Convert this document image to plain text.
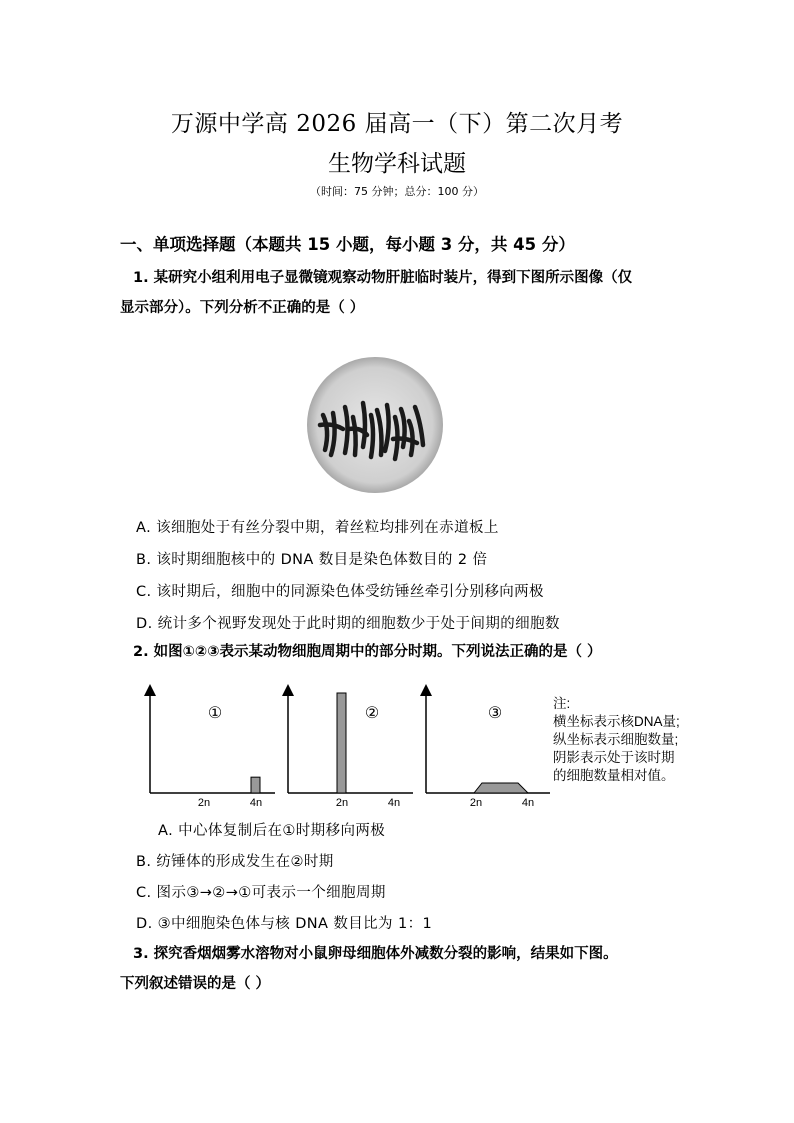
万源中学高 2026 届高一（下）第二次月考
生物学科试题
（时间：75 分钟；总分：100 分）
一、单项选择题（本题共 15 小题，每小题 3 分，共 45 分）
1. 某研究小组利用电子显微镜观察动物肝脏临时装片，得到下图所示图像（仅
显示部分）。下列分析不正确的是（ ）
A. 该细胞处于有丝分裂中期，着丝粒均排列在赤道板上
B. 该时期细胞核中的 DNA 数目是染色体数目的 2 倍
C. 该时期后，细胞中的同源染色体受纺锤丝牵引分别移向两极
D. 统计多个视野发现处于此时期的细胞数少于处于间期的细胞数
2. 如图①②③表示某动物细胞周期中的部分时期。下列说法正确的是（ ）
①
2n	4n
②
2n	4n
③
2n	4n
注:
横坐标表示核DNA量;
纵坐标表示细胞数量;
阴影表示处于该时期
的细胞数量相对值。
A. 中心体复制后在①时期移向两极
B. 纺锤体的形成发生在②时期
C. 图示③→②→①可表示一个细胞周期
D. ③中细胞染色体与核 DNA 数目比为 1：1
3. 探究香烟烟雾水溶物对小鼠卵母细胞体外减数分裂的影响，结果如下图。
下列叙述错误的是（ ）
